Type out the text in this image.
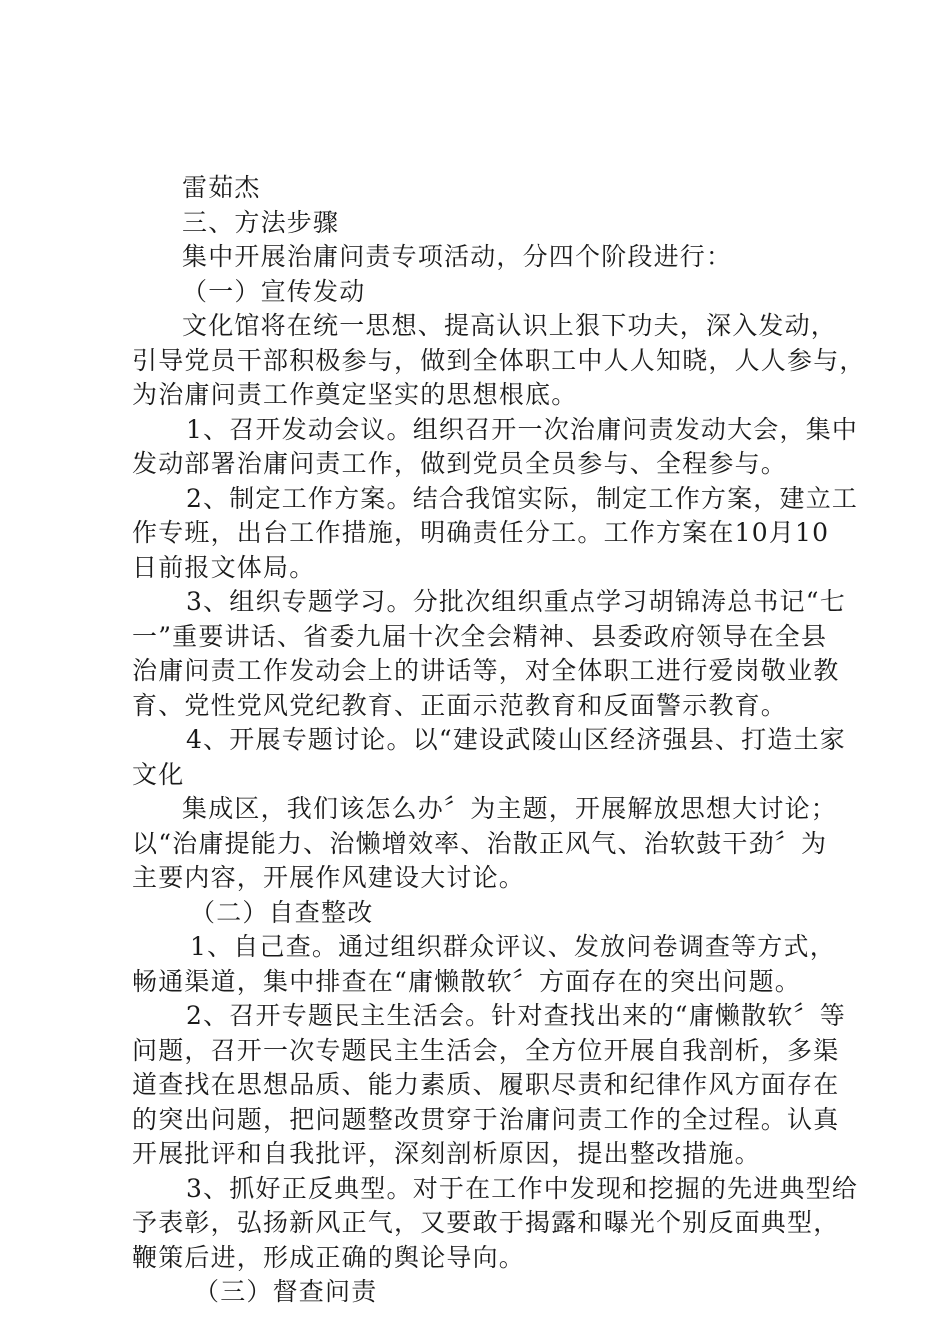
雷茹杰
三、方法步骤
集中开展治庸问责专项活动，分四个阶段进行：
（一）宣传发动
文化馆将在统一思想、提高认识上狠下功夫，深入发动，
引导党员干部积极参与，做到全体职工中人人知晓，人人参与，
为治庸问责工作奠定坚实的思想根底。
1、召开发动会议。组织召开一次治庸问责发动大会，集中
发动部署治庸问责工作，做到党员全员参与、全程参与。
2、制定工作方案。结合我馆实际，制定工作方案，建立工
作专班，出台工作措施，明确责任分工。工作方案在10月10
日前报文体局。
3、组织专题学习。分批次组织重点学习胡锦涛总书记“七
一”重要讲话、省委九届十次全会精神、县委政府领导在全县
治庸问责工作发动会上的讲话等，对全体职工进行爱岗敬业教
育、党性党风党纪教育、正面示范教育和反面警示教育。
4、开展专题讨论。以“建设武陵山区经济强县、打造土家
文化
集成区，我们该怎么办〞为主题，开展解放思想大讨论；
以“治庸提能力、治懒增效率、治散正风气、治软鼓干劲〞为
主要内容，开展作风建设大讨论。
（二）自查整改
1、自己查。通过组织群众评议、发放问卷调查等方式，
畅通渠道，集中排查在“庸懒散软〞方面存在的突出问题。
2、召开专题民主生活会。针对查找出来的“庸懒散软〞等
问题，召开一次专题民主生活会，全方位开展自我剖析，多渠
道查找在思想品质、能力素质、履职尽责和纪律作风方面存在
的突出问题，把问题整改贯穿于治庸问责工作的全过程。认真
开展批评和自我批评，深刻剖析原因，提出整改措施。
3、抓好正反典型。对于在工作中发现和挖掘的先进典型给
予表彰，弘扬新风正气，又要敢于揭露和曝光个别反面典型，
鞭策后进，形成正确的舆论导向。
（三）督查问责
